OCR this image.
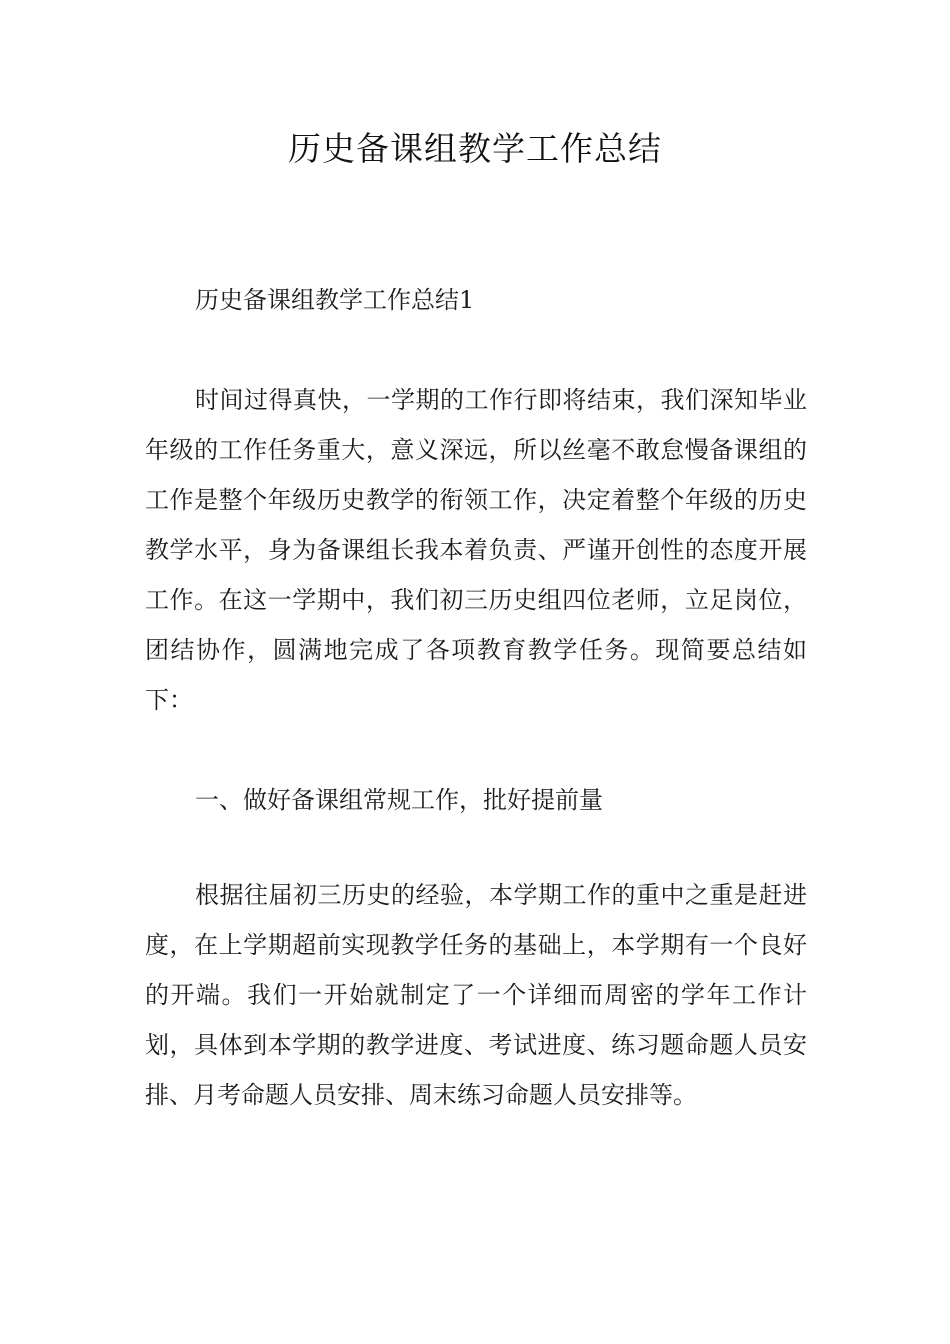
历史备课组教学工作总结

历史备课组教学工作总结1

时间过得真快，一学期的工作行即将结束，我们深知毕业年级的工作任务重大，意义深远，所以丝毫不敢怠慢备课组的工作是整个年级历史教学的衔领工作，决定着整个年级的历史教学水平，身为备课组长我本着负责、严谨开创性的态度开展工作。在这一学期中，我们初三历史组四位老师，立足岗位，团结协作，圆满地完成了各项教育教学任务。现简要总结如下：

一、做好备课组常规工作，批好提前量

根据往届初三历史的经验，本学期工作的重中之重是赶进度，在上学期超前实现教学任务的基础上，本学期有一个良好的开端。我们一开始就制定了一个详细而周密的学年工作计划，具体到本学期的教学进度、考试进度、练习题命题人员安排、月考命题人员安排、周末练习命题人员安排等。
